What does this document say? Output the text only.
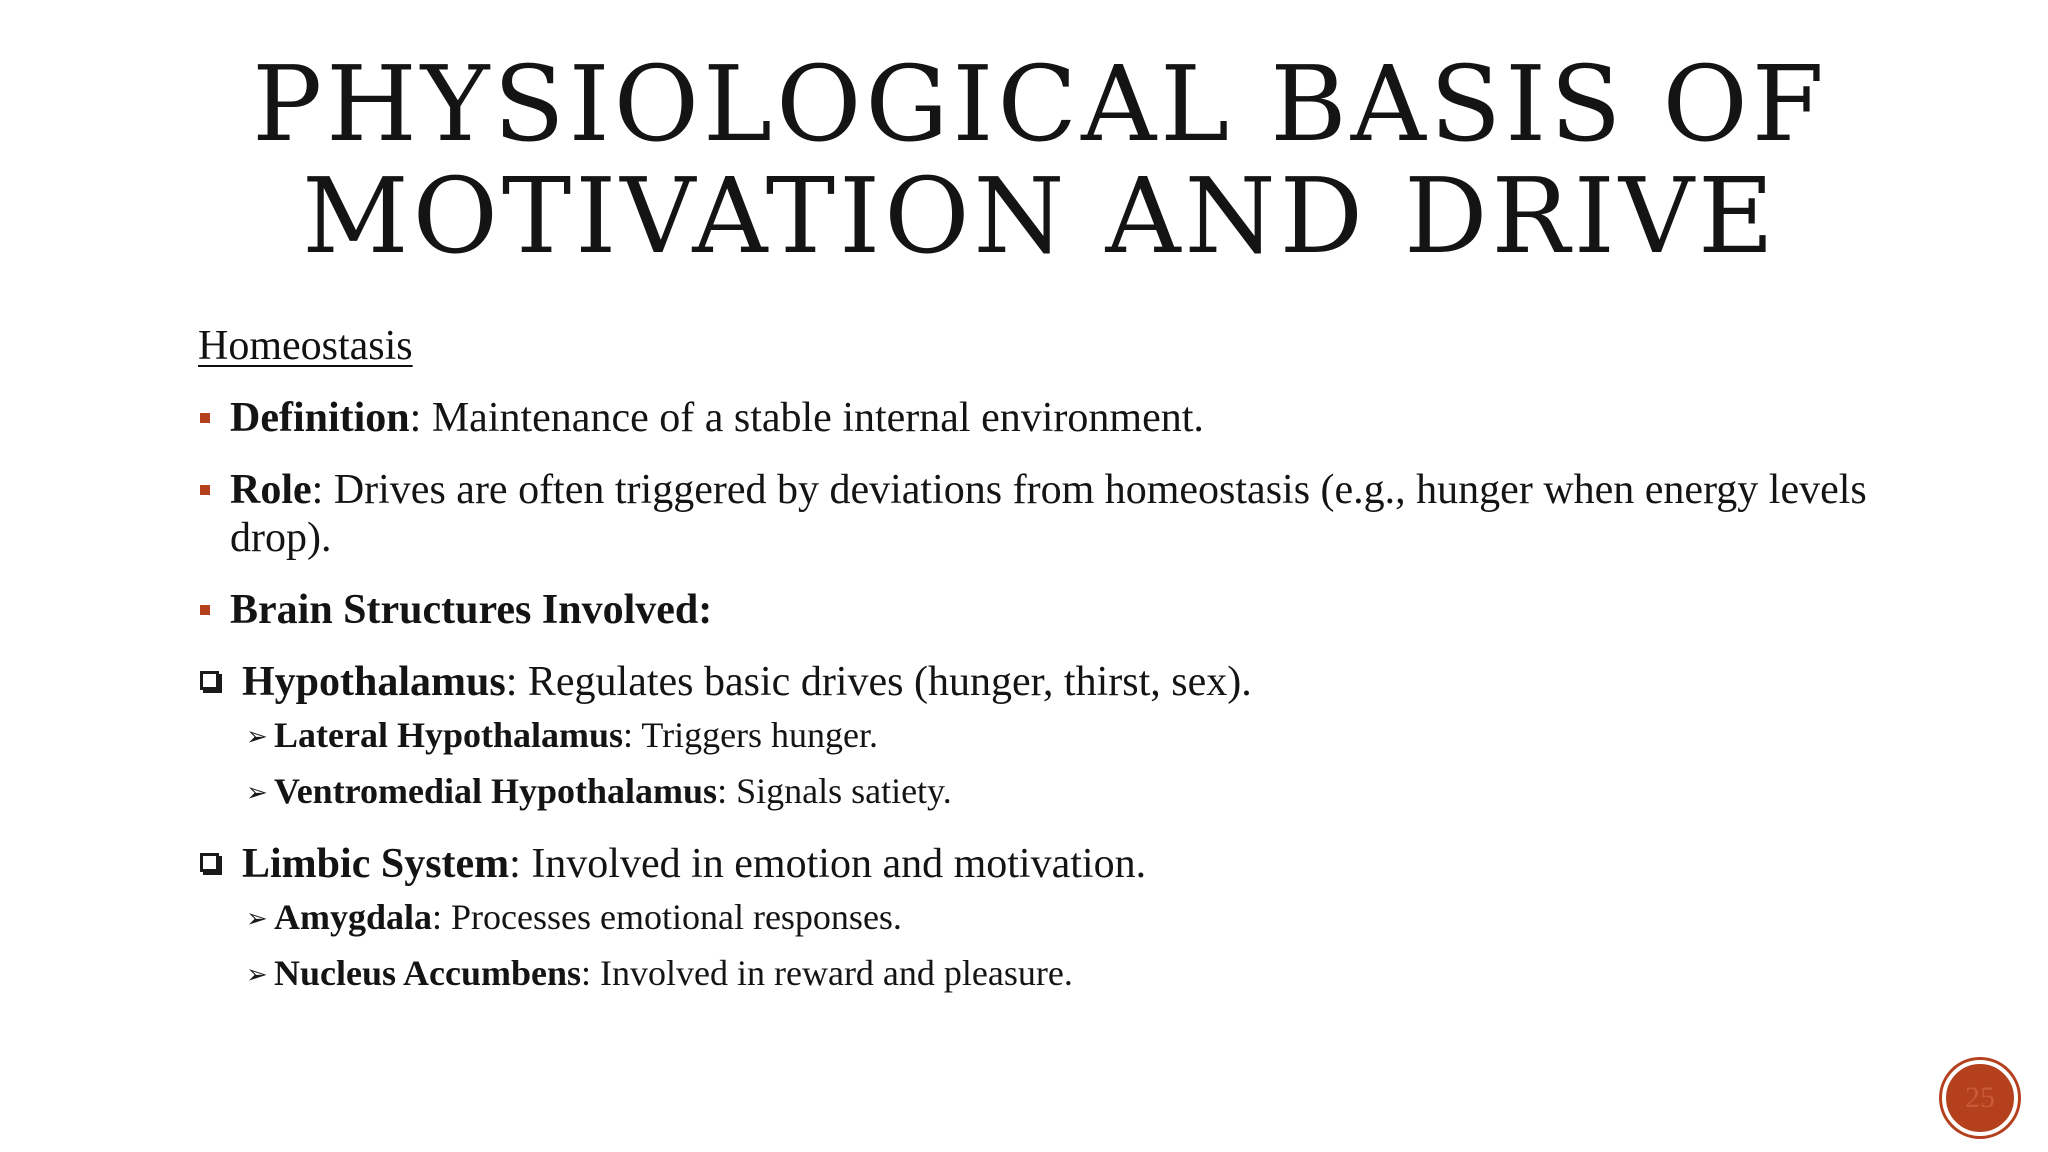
PHYSIOLOGICAL BASIS OF
MOTIVATION AND DRIVE
Homeostasis
Definition: Maintenance of a stable internal environment.
Role: Drives are often triggered by deviations from homeostasis (e.g., hunger when energy levels drop).
Brain Structures Involved:
Hypothalamus: Regulates basic drives (hunger, thirst, sex).
➢ Lateral Hypothalamus: Triggers hunger.
➢ Ventromedial Hypothalamus: Signals satiety.
Limbic System: Involved in emotion and motivation.
➢ Amygdala: Processes emotional responses.
➢ Nucleus Accumbens: Involved in reward and pleasure.
25
